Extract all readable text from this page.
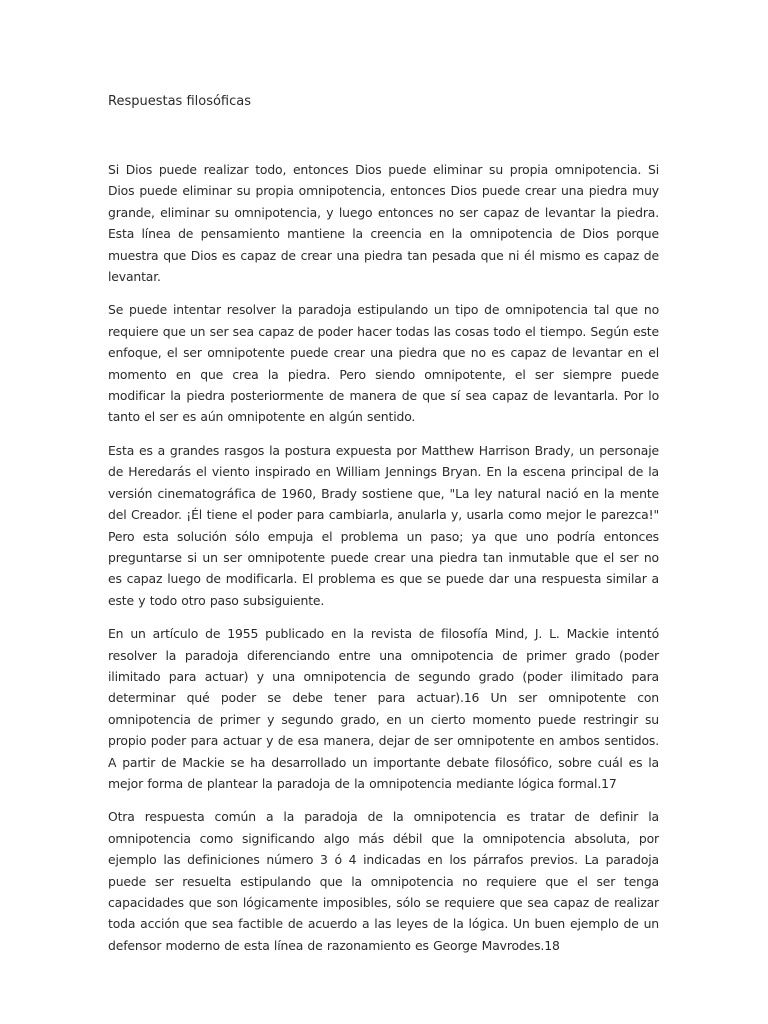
Respuestas filosóficas

Si Dios puede realizar todo, entonces Dios puede eliminar su propia omnipotencia. Si Dios puede eliminar su propia omnipotencia, entonces Dios puede crear una piedra muy grande, eliminar su omnipotencia, y luego entonces no ser capaz de levantar la piedra. Esta línea de pensamiento mantiene la creencia en la omnipotencia de Dios porque muestra que Dios es capaz de crear una piedra tan pesada que ni él mismo es capaz de levantar.

Se puede intentar resolver la paradoja estipulando un tipo de omnipotencia tal que no requiere que un ser sea capaz de poder hacer todas las cosas todo el tiempo. Según este enfoque, el ser omnipotente puede crear una piedra que no es capaz de levantar en el momento en que crea la piedra. Pero siendo omnipotente, el ser siempre puede modificar la piedra posteriormente de manera de que sí sea capaz de levantarla. Por lo tanto el ser es aún omnipotente en algún sentido.

Esta es a grandes rasgos la postura expuesta por Matthew Harrison Brady, un personaje de Heredarás el viento inspirado en William Jennings Bryan. En la escena principal de la versión cinematográfica de 1960, Brady sostiene que, "La ley natural nació en la mente del Creador. ¡Él tiene el poder para cambiarla, anularla y, usarla como mejor le parezca!" Pero esta solución sólo empuja el problema un paso; ya que uno podría entonces preguntarse si un ser omnipotente puede crear una piedra tan inmutable que el ser no es capaz luego de modificarla. El problema es que se puede dar una respuesta similar a este y todo otro paso subsiguiente.

En un artículo de 1955 publicado en la revista de filosofía Mind, J. L. Mackie intentó resolver la paradoja diferenciando entre una omnipotencia de primer grado (poder ilimitado para actuar) y una omnipotencia de segundo grado (poder ilimitado para determinar qué poder se debe tener para actuar).16 Un ser omnipotente con omnipotencia de primer y segundo grado, en un cierto momento puede restringir su propio poder para actuar y de esa manera, dejar de ser omnipotente en ambos sentidos. A partir de Mackie se ha desarrollado un importante debate filosófico, sobre cuál es la mejor forma de plantear la paradoja de la omnipotencia mediante lógica formal.17

Otra respuesta común a la paradoja de la omnipotencia es tratar de definir la omnipotencia como significando algo más débil que la omnipotencia absoluta, por ejemplo las definiciones número 3 ó 4 indicadas en los párrafos previos. La paradoja puede ser resuelta estipulando que la omnipotencia no requiere que el ser tenga capacidades que son lógicamente imposibles, sólo se requiere que sea capaz de realizar toda acción que sea factible de acuerdo a las leyes de la lógica. Un buen ejemplo de un defensor moderno de esta línea de razonamiento es George Mavrodes.18
